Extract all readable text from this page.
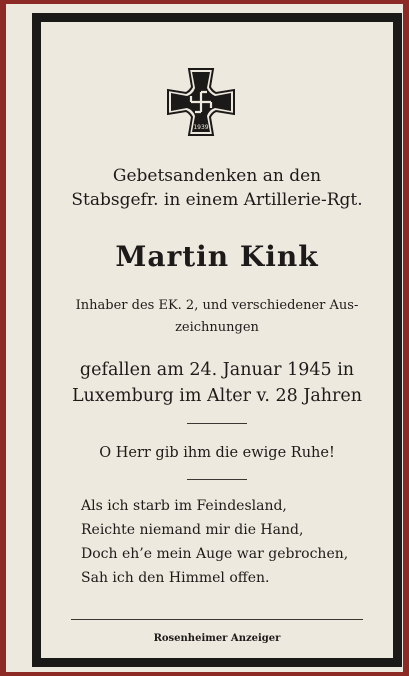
1939
Gebetsandenken an den
Stabsgefr. in einem Artillerie-Rgt.
Martin Kink
Inhaber des EK. 2, und verschiedener Aus-
zeichnungen
gefallen am 24. Januar 1945 in
Luxemburg im Alter v. 28 Jahren
O Herr gib ihm die ewige Ruhe!
Als ich starb im Feindesland,
Reichte niemand mir die Hand,
Doch eh’e mein Auge war gebrochen,
Sah ich den Himmel offen.
Rosenheimer Anzeiger
